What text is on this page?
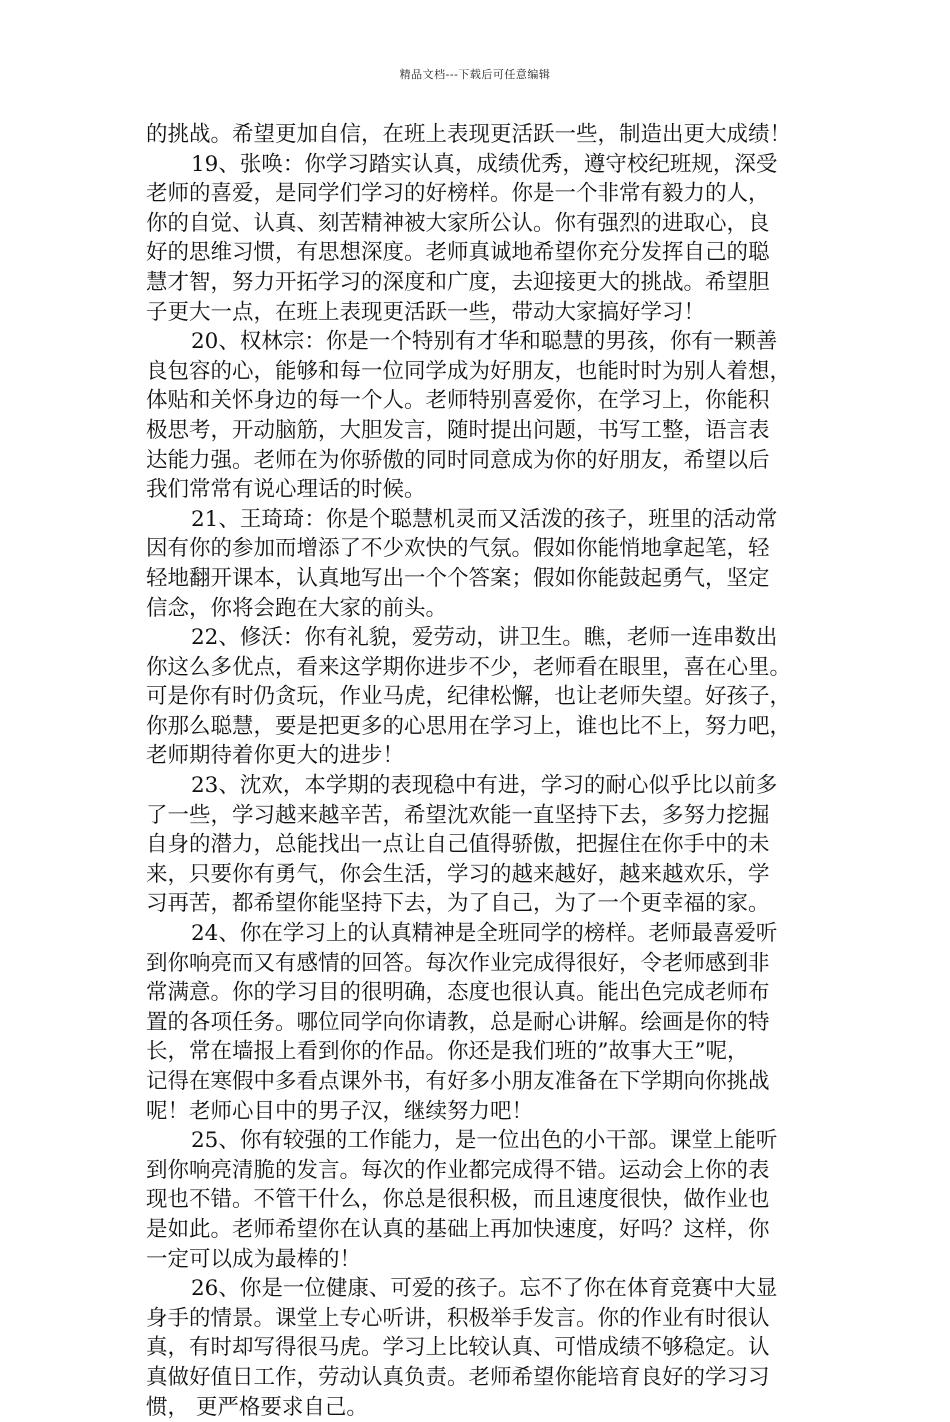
精品文档---下载后可任意编辑
的挑战。希望更加自信，在班上表现更活跃一些，制造出更大成绩！
19、张唤：你学习踏实认真，成绩优秀，遵守校纪班规，深受
老师的喜爱，是同学们学习的好榜样。你是一个非常有毅力的人，
你的自觉、认真、刻苦精神被大家所公认。你有强烈的进取心，良
好的思维习惯，有思想深度。老师真诚地希望你充分发挥自己的聪
慧才智，努力开拓学习的深度和广度，去迎接更大的挑战。希望胆
子更大一点，在班上表现更活跃一些，带动大家搞好学习！
20、权林宗：你是一个特别有才华和聪慧的男孩，你有一颗善
良包容的心，能够和每一位同学成为好朋友，也能时时为别人着想，
体贴和关怀身边的每一个人。老师特别喜爱你，在学习上，你能积
极思考，开动脑筋，大胆发言，随时提出问题，书写工整，语言表
达能力强。老师在为你骄傲的同时同意成为你的好朋友，希望以后
我们常常有说心理话的时候。
21、王琦琦：你是个聪慧机灵而又活泼的孩子，班里的活动常
因有你的参加而增添了不少欢快的气氛。假如你能悄地拿起笔，轻
轻地翻开课本，认真地写出一个个答案；假如你能鼓起勇气，坚定
信念，你将会跑在大家的前头。
22、修沃：你有礼貌，爱劳动，讲卫生。瞧，老师一连串数出
你这么多优点，看来这学期你进步不少，老师看在眼里，喜在心里。
可是你有时仍贪玩，作业马虎，纪律松懈，也让老师失望。好孩子，
你那么聪慧，要是把更多的心思用在学习上，谁也比不上，努力吧，
老师期待着你更大的进步！
23、沈欢，本学期的表现稳中有进，学习的耐心似乎比以前多
了一些，学习越来越辛苦，希望沈欢能一直坚持下去，多努力挖掘
自身的潜力，总能找出一点让自己值得骄傲，把握住在你手中的未
来，只要你有勇气，你会生活，学习的越来越好，越来越欢乐，学
习再苦，都希望你能坚持下去，为了自己，为了一个更幸福的家。
24、你在学习上的认真精神是全班同学的榜样。老师最喜爱听
到你响亮而又有感情的回答。每次作业完成得很好，令老师感到非
常满意。你的学习目的很明确，态度也很认真。能出色完成老师布
置的各项任务。哪位同学向你请教，总是耐心讲解。绘画是你的特
长，常在墙报上看到你的作品。你还是我们班的”故事大王”呢，
记得在寒假中多看点课外书，有好多小朋友准备在下学期向你挑战
呢！老师心目中的男子汉，继续努力吧！
25、你有较强的工作能力，是一位出色的小干部。课堂上能听
到你响亮清脆的发言。每次的作业都完成得不错。运动会上你的表
现也不错。不管干什么，你总是很积极，而且速度很快，做作业也
是如此。老师希望你在认真的基础上再加快速度，好吗？这样，你
一定可以成为最棒的！
26、你是一位健康、可爱的孩子。忘不了你在体育竞赛中大显
身手的情景。课堂上专心听讲，积极举手发言。你的作业有时很认
真，有时却写得很马虎。学习上比较认真、可惜成绩不够稳定。认
真做好值日工作，劳动认真负责。老师希望你能培育良好的学习习
惯， 更严格要求自己。
